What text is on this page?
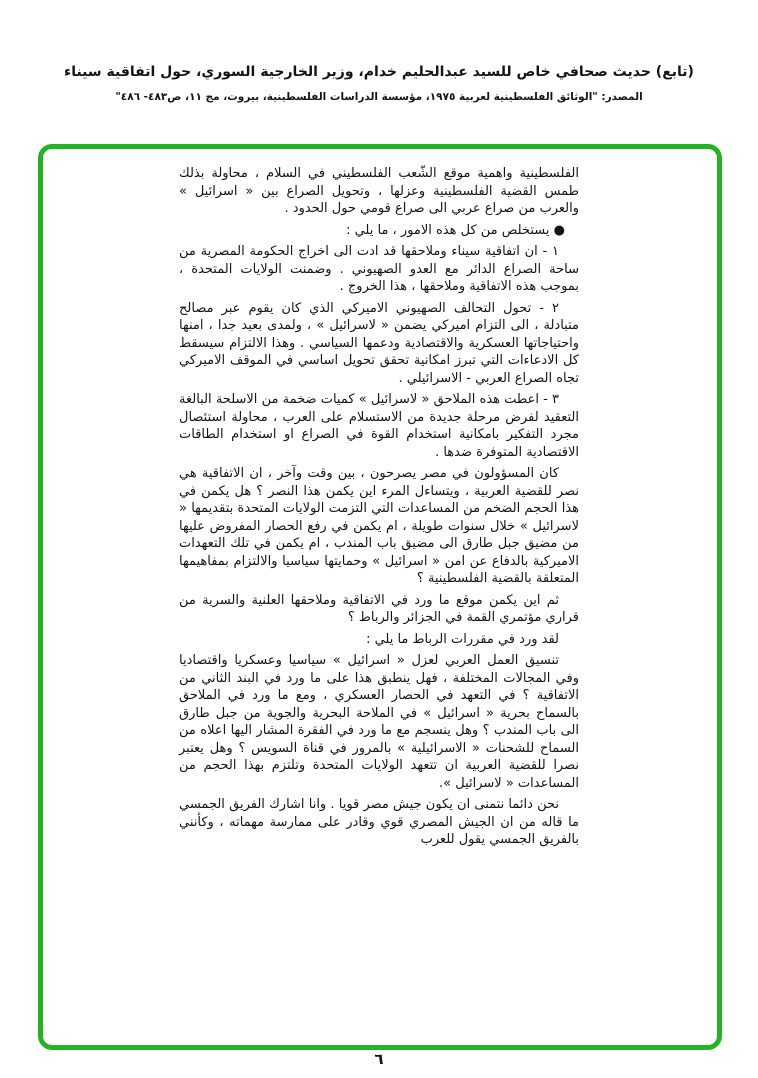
(تابع) حديث صحافي خاص للسيد عبدالحليم خدام، وزير الخارجية السوري، حول اتفاقية سيناء
المصدر: "الوثائق الفلسطينية لعربية ١٩٧٥، مؤسسة الدراسات الفلسطينية، بيروت، مج ١١، ص٤٨٣- ٤٨٦"

الفلسطينية واهمية موقع الشّعب الفلسطيني في السلام ، محاولة بذلك طمس القضية الفلسطينية وعزلها ، وتحويل الصراع بين « اسرائيل » والعرب من صراع عربي الى صراع قومي حول الحدود .

● يستخلص من كل هذه الامور ، ما يلي :

١ - ان اتفاقية سيناء وملاحقها قد ادت الى اخراج الحكومة المصرية من ساحة الصراع الدائر مع العدو الصهيوني . وضمنت الولايات المتحدة ، بموجب هذه الاتفاقية وملاحقها ، هذا الخروج .

٢ - تحول التحالف الصهيوني الاميركي الذي كان يقوم عبر مصالح متبادلة ، الى التزام اميركي يضمن « لاسرائيل » ، ولمدى بعيد جدا ، امنها واحتياجاتها العسكرية والاقتصادية ودعمها السياسي . وهذا الالتزام سيسقط كل الادعاءات التي تبرز امكانية تحقق تحويل اساسي في الموقف الاميركي تجاه الصراع العربي - الاسرائيلي .

٣ - اعطت هذه الملاحق « لاسرائيل » كميات ضخمة من الاسلحة البالغة التعقيد لفرض مرحلة جديدة من الاستسلام على العرب ، محاولة استئصال مجرد التفكير بامكانية استخدام القوة في الصراع او استخدام الطاقات الاقتصادية المتوفرة ضدها .

كان المسؤولون في مصر يصرحون ، بين وقت وآخر ، ان الاتفاقية هي نصر للقضية العربية ، ويتساءل المرء اين يكمن هذا النصر ؟ هل يكمن في هذا الحجم الضخم من المساعدات التي التزمت الولايات المتحدة بتقديمها « لاسرائيل » خلال سنوات طويلة ، ام يكمن في رفع الحصار المفروض عليها من مضيق جبل طارق الى مضيق باب المندب ، ام يكمن في تلك التعهدات الاميركية بالدفاع عن امن « اسرائيل » وحمايتها سياسيا والالتزام بمفاهيمها المتعلقة بالقضية الفلسطينية ؟

ثم اين يكمن موقع ما ورد في الاتفاقية وملاحقها العلنية والسرية من قراري مؤتمري القمة في الجزائر والرباط ؟

لقد ورد في مقررات الرباط ما يلي :

تنسيق العمل العربي لعزل « اسرائيل » سياسيا وعسكريا واقتصاديا وفي المجالات المختلفة ، فهل ينطبق هذا على ما ورد في البند الثاني من الاتفاقية ؟ في التعهد في الحصار العسكري ، ومع ما ورد في الملاحق بالسماح بحرية « اسرائيل » في الملاحة البحرية والجوية من جبل طارق الى باب المندب ؟ وهل ينسجم مع ما ورد في الفقرة المشار اليها اعلاه من السماح للشحنات « الاسرائيلية » بالمرور في قناة السويس ؟ وهل يعتبر نصرا للقضية العربية ان تتعهد الولايات المتحدة وتلتزم بهذا الحجم من المساعدات « لاسرائيل ».

نحن دائما نتمنى ان يكون جيش مصر قويا . وانا اشارك الفريق الجمسي ما قاله من ان الجيش المصري قوي وقادر على ممارسة مهماته ، وكأنني بالفريق الجمسي يقول للعرب

٦
